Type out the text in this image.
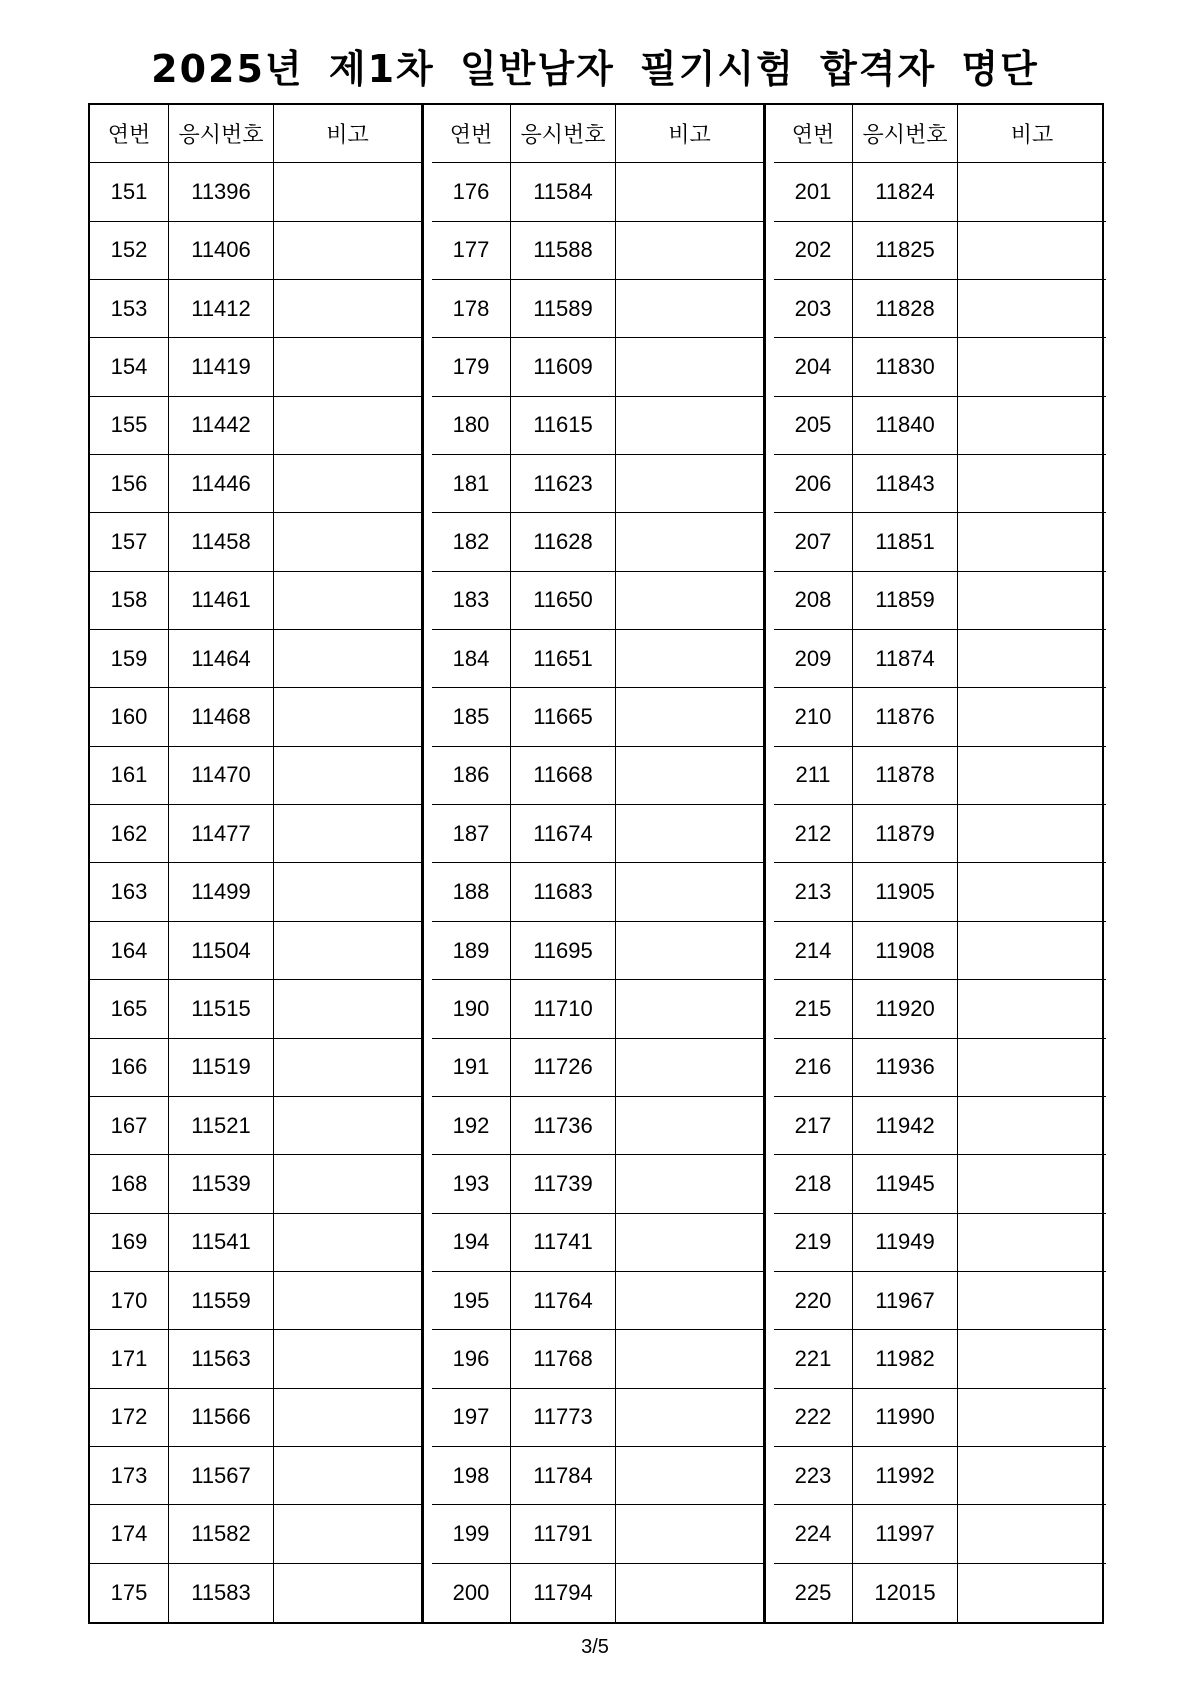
2025년 제1차 일반남자 필기시험 합격자 명단
연번	응시번호	비고
151	11396
152	11406
153	11412
154	11419
155	11442
156	11446
157	11458
158	11461
159	11464
160	11468
161	11470
162	11477
163	11499
164	11504
165	11515
166	11519
167	11521
168	11539
169	11541
170	11559
171	11563
172	11566
173	11567
174	11582
175	11583
연번	응시번호	비고
176	11584
177	11588
178	11589
179	11609
180	11615
181	11623
182	11628
183	11650
184	11651
185	11665
186	11668
187	11674
188	11683
189	11695
190	11710
191	11726
192	11736
193	11739
194	11741
195	11764
196	11768
197	11773
198	11784
199	11791
200	11794
연번	응시번호	비고
201	11824
202	11825
203	11828
204	11830
205	11840
206	11843
207	11851
208	11859
209	11874
210	11876
211	11878
212	11879
213	11905
214	11908
215	11920
216	11936
217	11942
218	11945
219	11949
220	11967
221	11982
222	11990
223	11992
224	11997
225	12015
3/5
